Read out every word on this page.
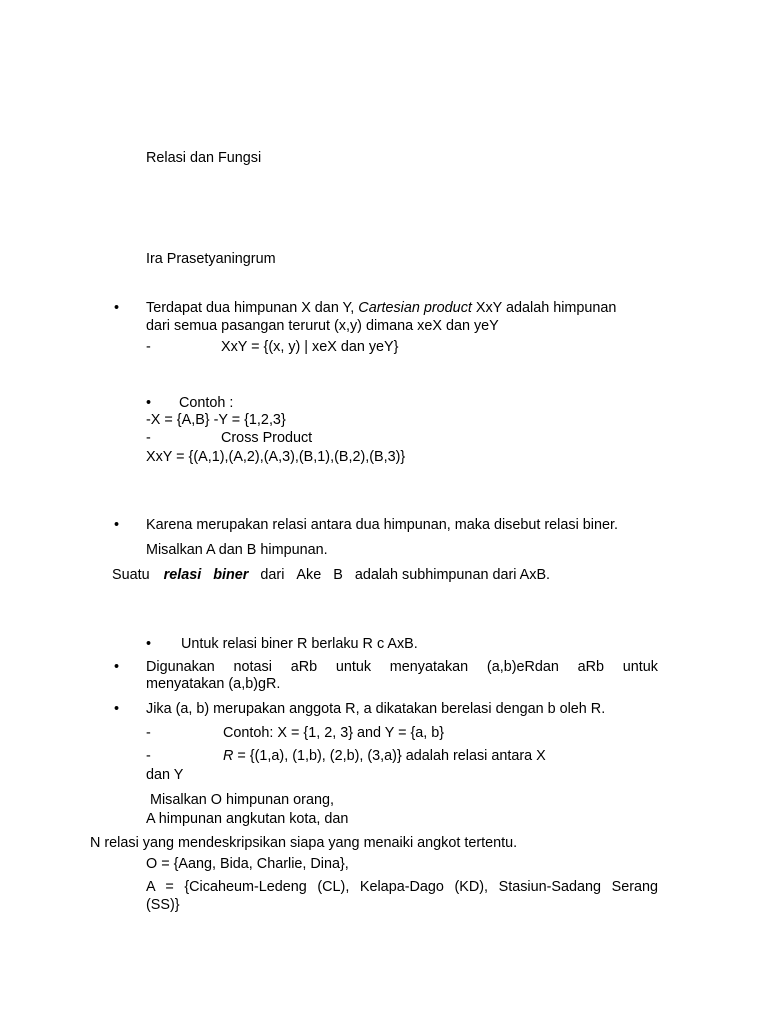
Relasi dan Fungsi
Ira Prasetyaningrum
• Terdapat dua himpunan X dan Y, Cartesian product XxY adalah himpunan
dari semua pasangan terurut (x,y) dimana xeX dan yeY
-	XxY = {(x, y) | xeX dan yeY}
• Contoh :
-X = {A,B} -Y = {1,2,3}
-	Cross Product
XxY = {(A,1),(A,2),(A,3),(B,1),(B,2),(B,3)}
• Karena merupakan relasi antara dua himpunan, maka disebut relasi biner.
Misalkan A dan B himpunan.
Suatu relasi biner dari Ake B adalah subhimpunan dari AxB.
• Untuk relasi biner R berlaku R c AxB.
• Digunakan notasi aRb untuk menyatakan (a,b)eRdan aRb untuk
menyatakan (a,b)gR.
• Jika (a, b) merupakan anggota R, a dikatakan berelasi dengan b oleh R.
-	Contoh: X = {1, 2, 3} and Y = {a, b}
-	R = {(1,a), (1,b), (2,b), (3,a)} adalah relasi antara X
dan Y
Misalkan O himpunan orang,
A himpunan angkutan kota, dan
N relasi yang mendeskripsikan siapa yang menaiki angkot tertentu.
O = {Aang, Bida, Charlie, Dina},
A = {Cicaheum-Ledeng (CL), Kelapa-Dago (KD), Stasiun-Sadang Serang
(SS)}
